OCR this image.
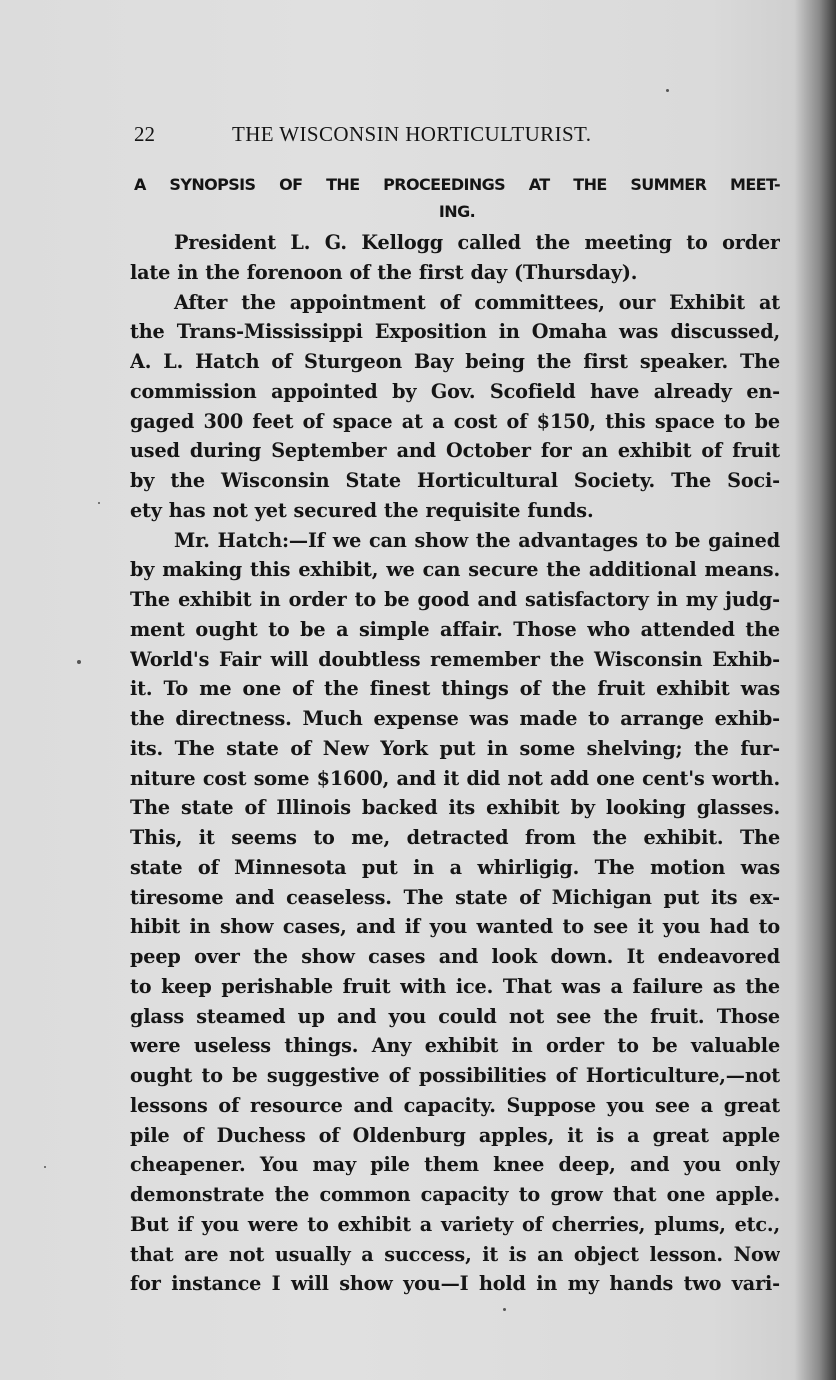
22	THE WISCONSIN HORTICULTURIST.
A SYNOPSIS OF THE PROCEEDINGS AT THE SUMMER MEET-
ING.
President L. G. Kellogg called the meeting to order
late in the forenoon of the first day (Thursday).
After the appointment of committees, our Exhibit at
the Trans-Mississippi Exposition in Omaha was discussed,
A. L. Hatch of Sturgeon Bay being the first speaker. The
commission appointed by Gov. Scofield have already en-
gaged 300 feet of space at a cost of $150, this space to be
used during September and October for an exhibit of fruit
by the Wisconsin State Horticultural Society. The Soci-
ety has not yet secured the requisite funds.
Mr. Hatch:—If we can show the advantages to be gained
by making this exhibit, we can secure the additional means.
The exhibit in order to be good and satisfactory in my judg-
ment ought to be a simple affair. Those who attended the
World's Fair will doubtless remember the Wisconsin Exhib-
it. To me one of the finest things of the fruit exhibit was
the directness. Much expense was made to arrange exhib-
its. The state of New York put in some shelving; the fur-
niture cost some $1600, and it did not add one cent's worth.
The state of Illinois backed its exhibit by looking glasses.
This, it seems to me, detracted from the exhibit. The
state of Minnesota put in a whirligig. The motion was
tiresome and ceaseless. The state of Michigan put its ex-
hibit in show cases, and if you wanted to see it you had to
peep over the show cases and look down. It endeavored
to keep perishable fruit with ice. That was a failure as the
glass steamed up and you could not see the fruit. Those
were useless things. Any exhibit in order to be valuable
ought to be suggestive of possibilities of Horticulture,—not
lessons of resource and capacity. Suppose you see a great
pile of Duchess of Oldenburg apples, it is a great apple
cheapener. You may pile them knee deep, and you only
demonstrate the common capacity to grow that one apple.
But if you were to exhibit a variety of cherries, plums, etc.,
that are not usually a success, it is an object lesson. Now
for instance I will show you—I hold in my hands two vari-
